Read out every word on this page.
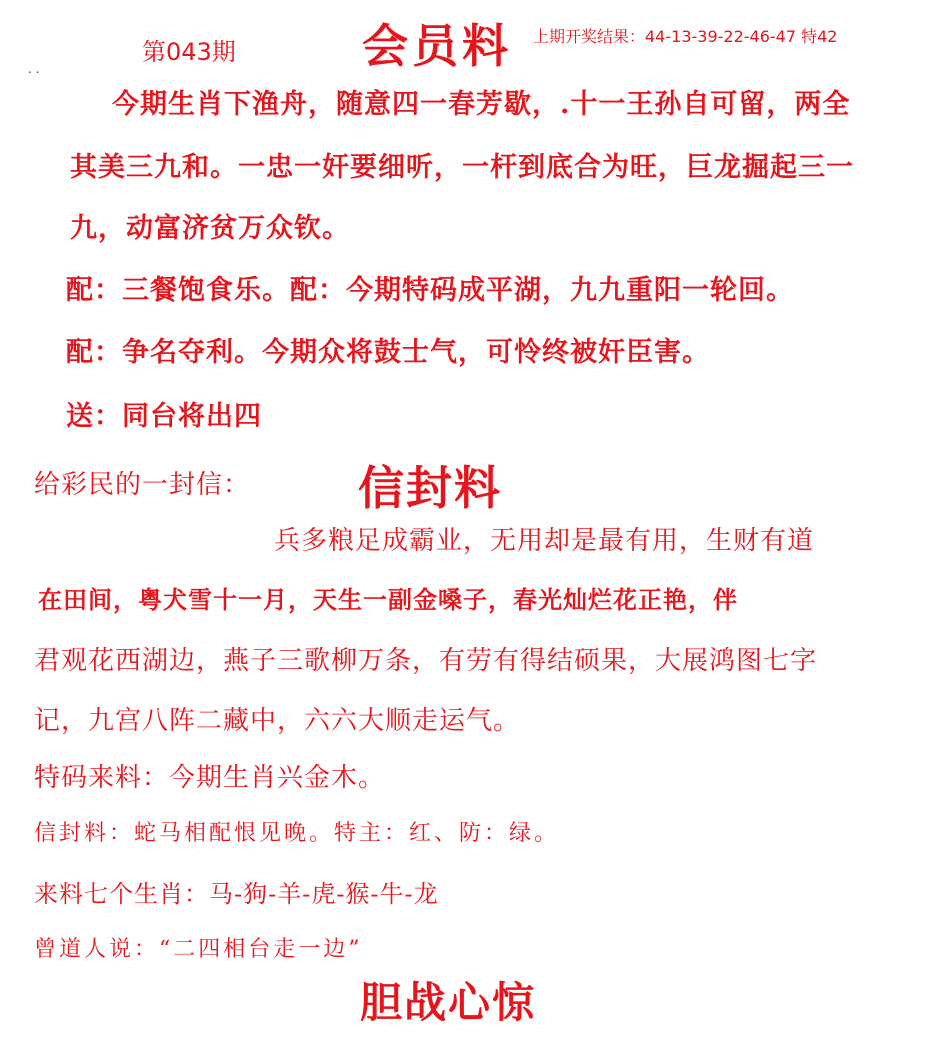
第043期	会员料 上期开奖结果：44-13-39-22-46-47 特42
. .
今期生肖下渔舟，随意四一春芳歇，.十一王孙自可留，两全
其美三九和。一忠一奸要细听，一杆到底合为旺，巨龙掘起三一
九，动富济贫万众钦。
配：三餐饱食乐。配：今期特码成平湖，九九重阳一轮回。
配：争名夺利。今期众将鼓士气，可怜终被奸臣害。
送：同台将出四
给彩民的一封信： 信封料
兵多粮足成霸业，无用却是最有用，生财有道
在田间，粤犬雪十一月，天生一副金嗓子，春光灿烂花正艳，伴
君观花西湖边，燕子三歌柳万条，有劳有得结硕果，大展鸿图七字
记，九宫八阵二藏中，六六大顺走运气。
特码来料：今期生肖兴金木。
信封料：蛇马相配恨见晚。特主：红、防：绿。
来料七个生肖：马-狗-羊-虎-猴-牛-龙
曾道人说：“二四相台走一边”
胆战心惊
